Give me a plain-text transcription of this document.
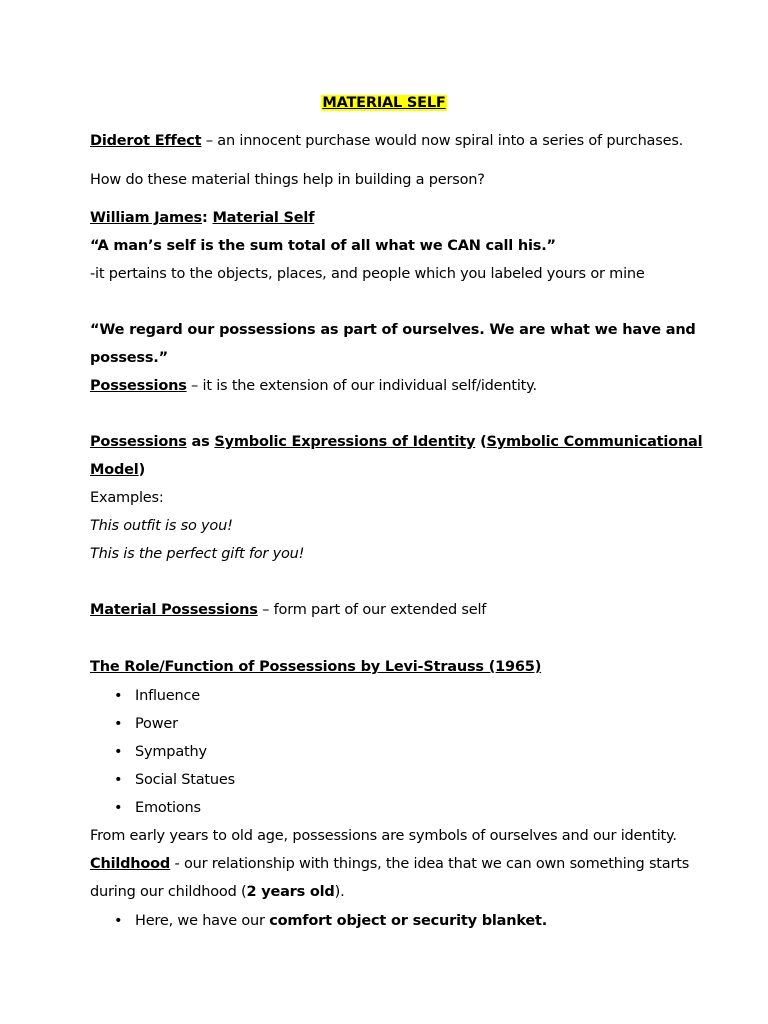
MATERIAL SELF
Diderot Effect – an innocent purchase would now spiral into a series of purchases.
How do these material things help in building a person?
William James: Material Self
“A man’s self is the sum total of all what we CAN call his.”
-it pertains to the objects, places, and people which you labeled yours or mine
“We regard our possessions as part of ourselves. We are what we have and
possess.”
Possessions – it is the extension of our individual self/identity.
Possessions as Symbolic Expressions of Identity (Symbolic Communicational
Model)
Examples:
This outfit is so you!
This is the perfect gift for you!
Material Possessions – form part of our extended self
The Role/Function of Possessions by Levi-Strauss (1965)
• Influence
• Power
• Sympathy
• Social Statues
• Emotions
From early years to old age, possessions are symbols of ourselves and our identity.
Childhood - our relationship with things, the idea that we can own something starts
during our childhood (2 years old).
• Here, we have our comfort object or security blanket.
